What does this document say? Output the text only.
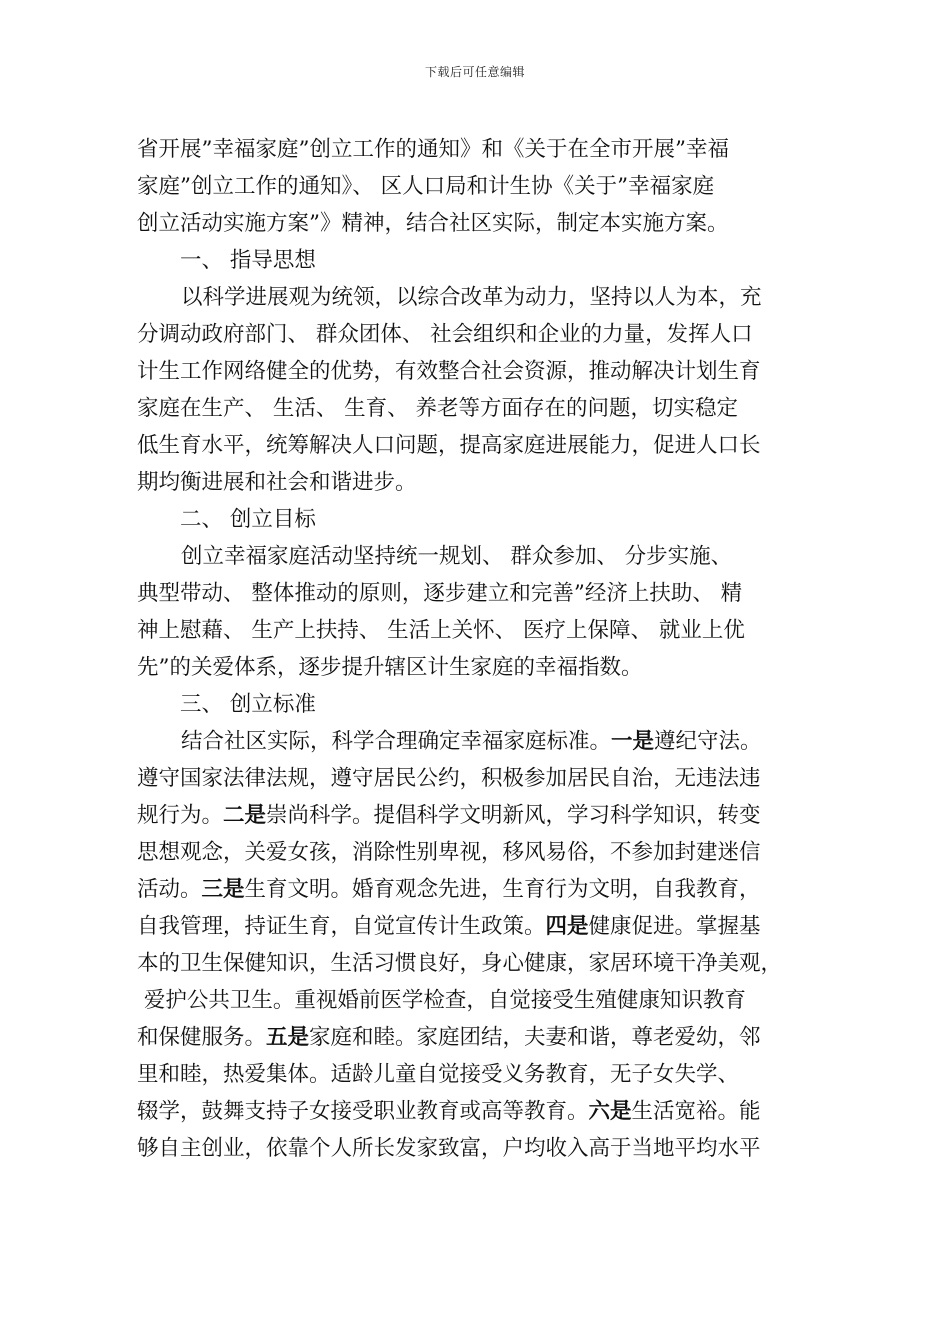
下载后可任意编辑
省开展”幸福家庭”创立工作的通知》和《关于在全市开展”幸福
家庭”创立工作的通知》、 区人口局和计生协《关于”幸福家庭
创立活动实施方案”》精神，结合社区实际，制定本实施方案。
一、 指导思想
以科学进展观为统领，以综合改革为动力，坚持以人为本，充
分调动政府部门、 群众团体、 社会组织和企业的力量，发挥人口
计生工作网络健全的优势，有效整合社会资源，推动解决计划生育
家庭在生产、 生活、 生育、 养老等方面存在的问题，切实稳定
低生育水平，统筹解决人口问题，提高家庭进展能力，促进人口长
期均衡进展和社会和谐进步。
二、 创立目标
创立幸福家庭活动坚持统一规划、 群众参加、 分步实施、
典型带动、 整体推动的原则，逐步建立和完善”经济上扶助、 精
神上慰藉、 生产上扶持、 生活上关怀、 医疗上保障、 就业上优
先”的关爱体系，逐步提升辖区计生家庭的幸福指数。
三、 创立标准
结合社区实际，科学合理确定幸福家庭标准。一是遵纪守法。
遵守国家法律法规，遵守居民公约，积极参加居民自治，无违法违
规行为。二是崇尚科学。提倡科学文明新风，学习科学知识，转变
思想观念，关爱女孩，消除性别卑视，移风易俗，不参加封建迷信
活动。三是生育文明。婚育观念先进，生育行为文明，自我教育，
自我管理，持证生育，自觉宣传计生政策。四是健康促进。掌握基
本的卫生保健知识，生活习惯良好，身心健康，家居环境干净美观，
爱护公共卫生。重视婚前医学检查，自觉接受生殖健康知识教育
和保健服务。五是家庭和睦。家庭团结，夫妻和谐，尊老爱幼，邻
里和睦，热爱集体。适龄儿童自觉接受义务教育，无子女失学、
辍学，鼓舞支持子女接受职业教育或高等教育。六是生活宽裕。能
够自主创业，依靠个人所长发家致富，户均收入高于当地平均水平
